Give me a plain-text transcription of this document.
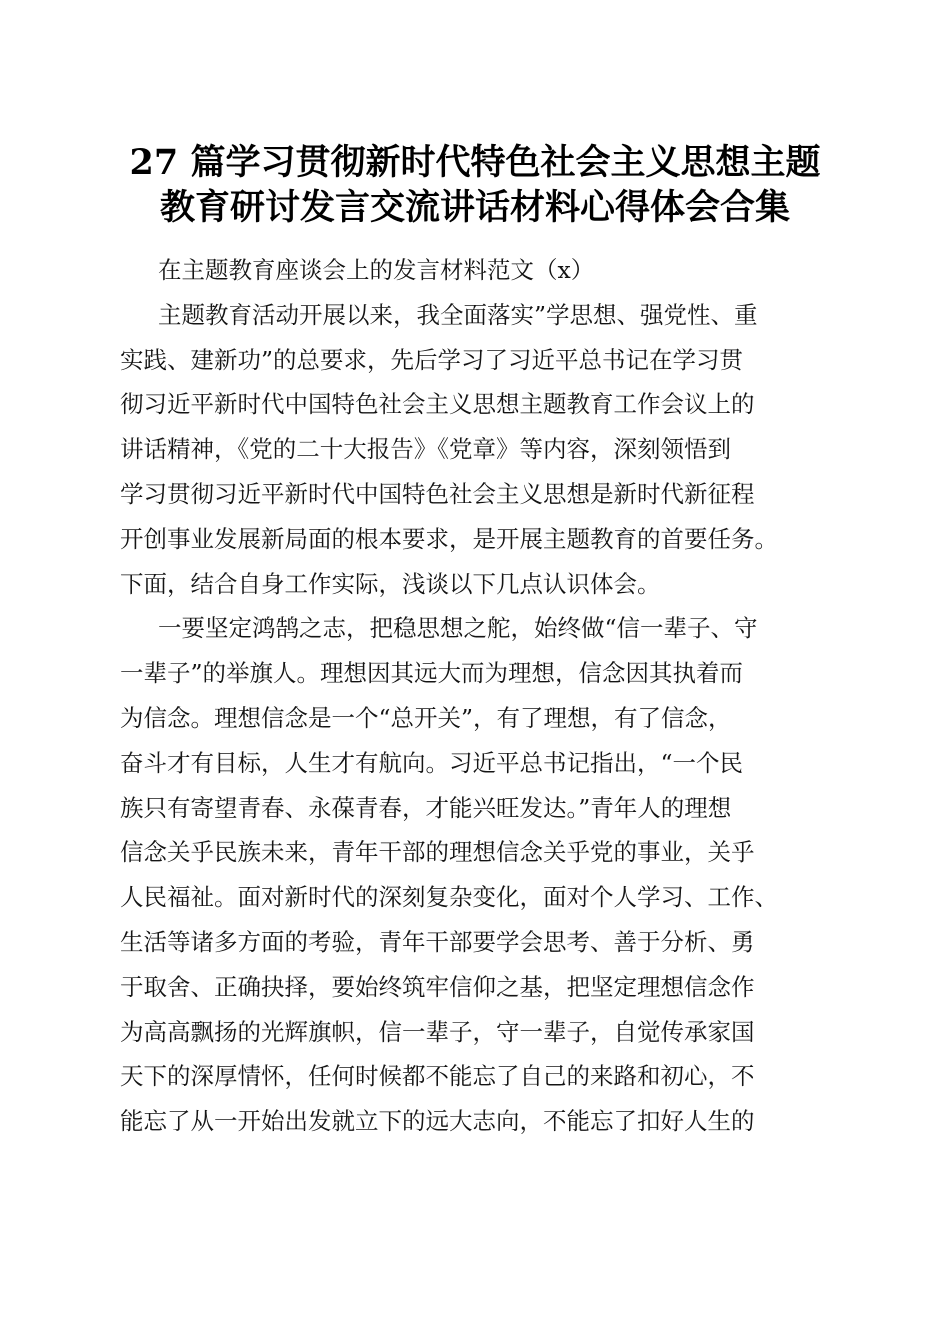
27 篇学习贯彻新时代特色社会主义思想主题
教育研讨发言交流讲话材料心得体会合集
在主题教育座谈会上的发言材料范文（x）
主题教育活动开展以来，我全面落实”学思想、强党性、重
实践、建新功”的总要求，先后学习了习近平总书记在学习贯
彻习近平新时代中国特色社会主义思想主题教育工作会议上的
讲话精神，《党的二十大报告》《党章》等内容，深刻领悟到
学习贯彻习近平新时代中国特色社会主义思想是新时代新征程
开创事业发展新局面的根本要求，是开展主题教育的首要任务。
下面，结合自身工作实际，浅谈以下几点认识体会。
一要坚定鸿鹄之志，把稳思想之舵，始终做“信一辈子、守
一辈子”的举旗人。理想因其远大而为理想，信念因其执着而
为信念。理想信念是一个“总开关”，有了理想，有了信念，
奋斗才有目标，人生才有航向。习近平总书记指出，“一个民
族只有寄望青春、永葆青春，才能兴旺发达。”青年人的理想
信念关乎民族未来，青年干部的理想信念关乎党的事业，关乎
人民福祉。面对新时代的深刻复杂变化，面对个人学习、工作、
生活等诸多方面的考验，青年干部要学会思考、善于分析、勇
于取舍、正确抉择，要始终筑牢信仰之基，把坚定理想信念作
为高高飘扬的光辉旗帜，信一辈子，守一辈子，自觉传承家国
天下的深厚情怀，任何时候都不能忘了自己的来路和初心，不
能忘了从一开始出发就立下的远大志向，不能忘了扣好人生的
